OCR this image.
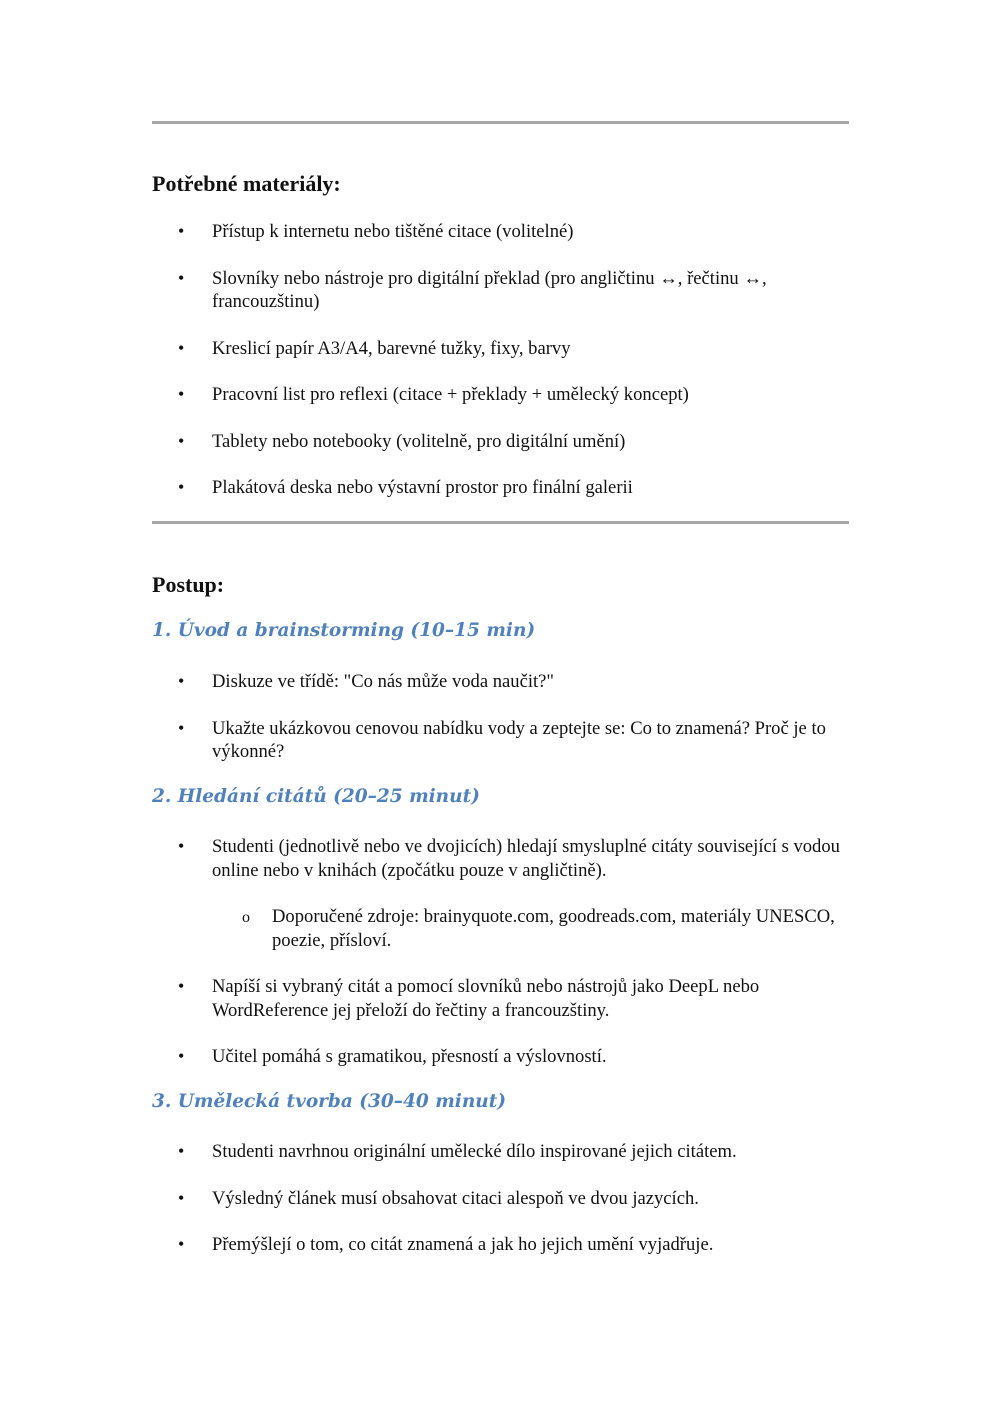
Potřebné materiály:
• Přístup k internetu nebo tištěné citace (volitelné)
• Slovníky nebo nástroje pro digitální překlad (pro angličtinu ↔, řečtinu ↔, francouzštinu)
• Kreslicí papír A3/A4, barevné tužky, fixy, barvy
• Pracovní list pro reflexi (citace + překlady + umělecký koncept)
• Tablety nebo notebooky (volitelně, pro digitální umění)
• Plakátová deska nebo výstavní prostor pro finální galerii
Postup:
1. Úvod a brainstorming (10–15 min)
• Diskuze ve třídě: "Co nás může voda naučit?"
• Ukažte ukázkovou cenovou nabídku vody a zeptejte se: Co to znamená? Proč je to výkonné?
2. Hledání citátů (20–25 minut)
• Studenti (jednotlivě nebo ve dvojicích) hledají smysluplné citáty související s vodou online nebo v knihách (zpočátku pouze v angličtině).
o Doporučené zdroje: brainyquote.com, goodreads.com, materiály UNESCO, poezie, přísloví.
• Napíší si vybraný citát a pomocí slovníků nebo nástrojů jako DeepL nebo WordReference jej přeloží do řečtiny a francouzštiny.
• Učitel pomáhá s gramatikou, přesností a výslovností.
3. Umělecká tvorba (30–40 minut)
• Studenti navrhnou originální umělecké dílo inspirované jejich citátem.
• Výsledný článek musí obsahovat citaci alespoň ve dvou jazycích.
• Přemýšlejí o tom, co citát znamená a jak ho jejich umění vyjadřuje.
